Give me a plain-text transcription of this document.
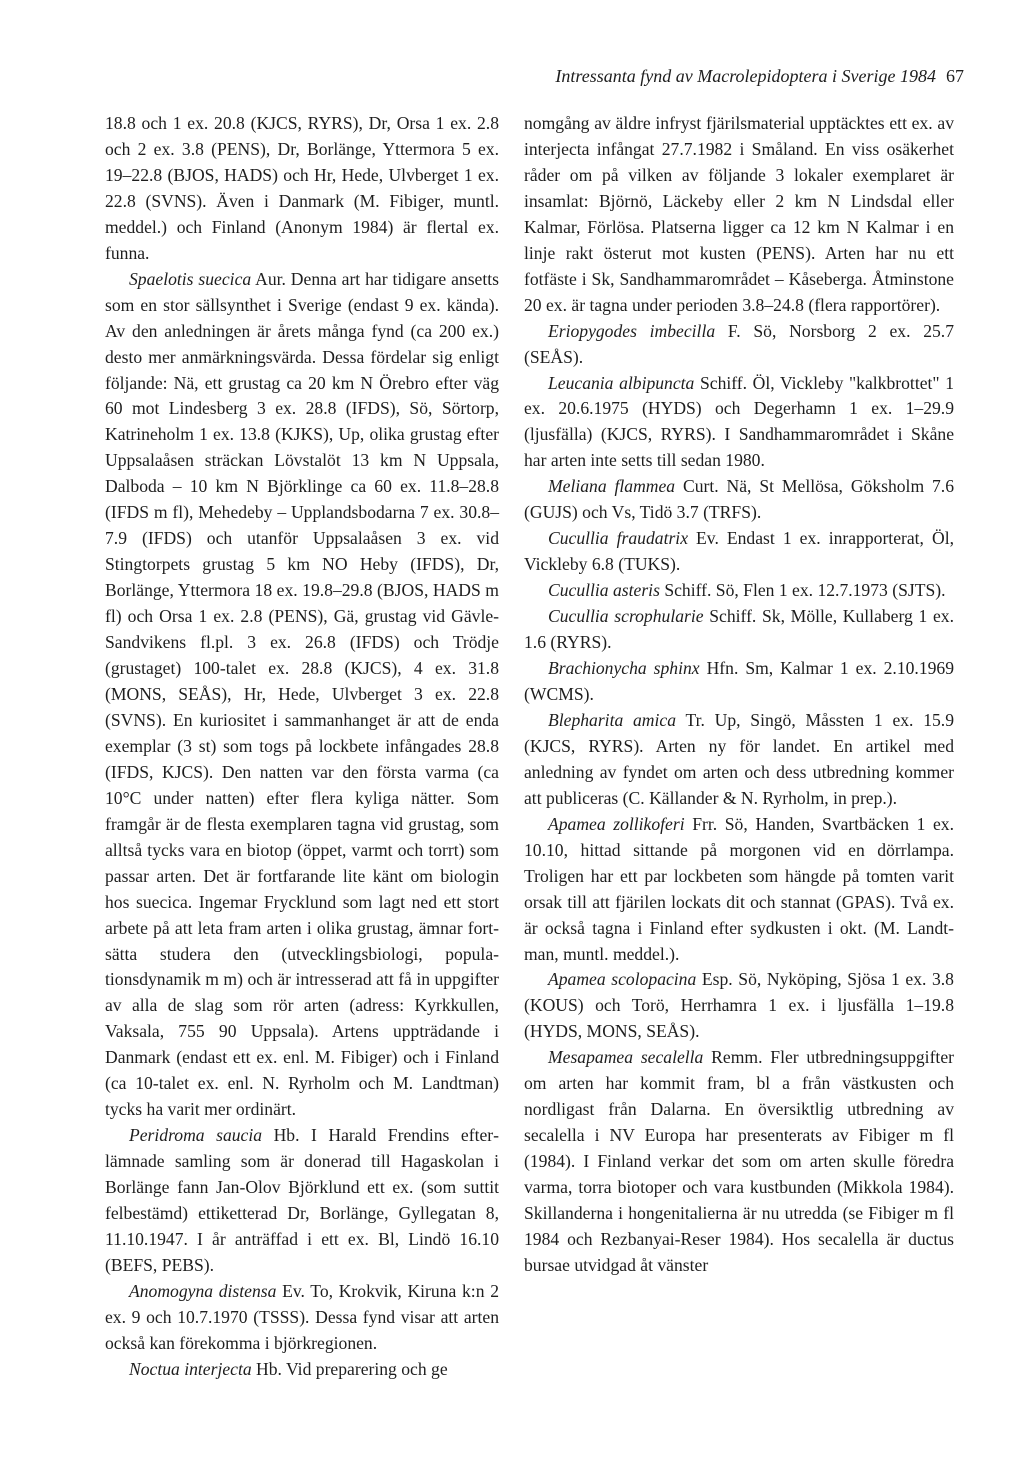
Intressanta fynd av Macrolepidoptera i Sverige 1984 67

18.8 och 1 ex. 20.8 (KJCS, RYRS), Dr, Orsa 1 ex. 2.8 och 2 ex. 3.8 (PENS), Dr, Borlänge, Yttermora 5 ex. 19–22.8 (BJOS, HADS) och Hr, Hede, Ulvberget 1 ex. 22.8 (SVNS). Även i Danmark (M. Fibiger, muntl. meddel.) och Finland (Anonym 1984) är flertal ex. funna.

Spaelotis suecica Aur. Denna art har tidigare ansetts som en stor sällsynthet i Sverige (endast 9 ex. kända). Av den anledningen är årets många fynd (ca 200 ex.) desto mer anmärkningsvärda. Dessa fördelar sig enligt följande: Nä, ett grustag ca 20 km N Örebro efter väg 60 mot Lindesberg 3 ex. 28.8 (IFDS), Sö, Sörtorp, Katrineholm 1 ex. 13.8 (KJKS), Up, olika grustag efter Uppsalaåsen sträckan Lövstalöt 13 km N Uppsala, Dalboda – 10 km N Björklinge ca 60 ex. 11.8–28.8 (IFDS m fl), Mehedeby – Upplandsbodarna 7 ex. 30.8–7.9 (IFDS) och utanför Uppsalaåsen 3 ex. vid Stingtorpets grustag 5 km NO Heby (IFDS), Dr, Borlänge, Yttermora 18 ex. 19.8–29.8 (BJOS, HADS m fl) och Orsa 1 ex. 2.8 (PENS), Gä, grustag vid Gävle-Sandvikens fl.pl. 3 ex. 26.8 (IFDS) och Trödje (grustaget) 100-talet ex. 28.8 (KJCS), 4 ex. 31.8 (MONS, SEÅS), Hr, Hede, Ulvberget 3 ex. 22.8 (SVNS). En kuriositet i sammanhanget är att de enda exemplar (3 st) som togs på lockbete infångades 28.8 (IFDS, KJCS). Den natten var den första varma (ca 10°C under natten) efter flera kyliga nätter. Som framgår är de flesta exemplaren tagna vid grustag, som alltså tycks vara en biotop (öppet, varmt och torrt) som passar arten. Det är fortfarande lite känt om biologin hos suecica. Ingemar Frycklund som lagt ned ett stort arbete på att leta fram arten i olika grustag, ämnar fortsätta studera den (utvecklingsbiologi, populationsdynamik m m) och är intresserad att få in uppgifter av alla de slag som rör arten (adress: Kyrkkullen, Vaksala, 755 90 Uppsala). Artens uppträdande i Danmark (endast ett ex. enl. M. Fibiger) och i Finland (ca 10-talet ex. enl. N. Ryrholm och M. Landtman) tycks ha varit mer ordinärt.

Peridroma saucia Hb. I Harald Frendins efterlämnade samling som är donerad till Hagaskolan i Borlänge fann Jan-Olov Björklund ett ex. (som suttit felbestämd) ettiketterad Dr, Borlänge, Gyllegatan 8, 11.10.1947. I år anträffad i ett ex. Bl, Lindö 16.10 (BEFS, PEBS).

Anomogyna distensa Ev. To, Krokvik, Kiruna k:n 2 ex. 9 och 10.7.1970 (TSSS). Dessa fynd visar att arten också kan förekomma i björkregionen.

Noctua interjecta Hb. Vid preparering och ge

nomgång av äldre infryst fjärilsmaterial upptäcktes ett ex. av interjecta infångat 27.7.1982 i Småland. En viss osäkerhet råder om på vilken av följande 3 lokaler exemplaret är insamlat: Björnö, Läckeby eller 2 km N Lindsdal eller Kalmar, Förlösa. Platserna ligger ca 12 km N Kalmar i en linje rakt österut mot kusten (PENS). Arten har nu ett fotfäste i Sk, Sandhammarområdet – Kåseberga. Åtminstone 20 ex. är tagna under perioden 3.8–24.8 (flera rapportörer).

Eriopygodes imbecilla F. Sö, Norsborg 2 ex. 25.7 (SEÅS).

Leucania albipuncta Schiff. Öl, Vickleby "kalkbrottet" 1 ex. 20.6.1975 (HYDS) och Degerhamn 1 ex. 1–29.9 (ljusfälla) (KJCS, RYRS). I Sandhammarområdet i Skåne har arten inte setts till sedan 1980.

Meliana flammea Curt. Nä, St Mellösa, Göksholm 7.6 (GUJS) och Vs, Tidö 3.7 (TRFS).

Cucullia fraudatrix Ev. Endast 1 ex. inrapporterat, Öl, Vickleby 6.8 (TUKS).

Cucullia asteris Schiff. Sö, Flen 1 ex. 12.7.1973 (SJTS).

Cucullia scrophularie Schiff. Sk, Mölle, Kullaberg 1 ex. 1.6 (RYRS).

Brachionycha sphinx Hfn. Sm, Kalmar 1 ex. 2.10.1969 (WCMS).

Blepharita amica Tr. Up, Singö, Måssten 1 ex. 15.9 (KJCS, RYRS). Arten ny för landet. En artikel med anledning av fyndet om arten och dess utbredning kommer att publiceras (C. Källander & N. Ryrholm, in prep.).

Apamea zollikoferi Frr. Sö, Handen, Svartbäcken 1 ex. 10.10, hittad sittande på morgonen vid en dörrlampa. Troligen har ett par lockbeten som hängde på tomten varit orsak till att fjärilen lockats dit och stannat (GPAS). Två ex. är också tagna i Finland efter sydkusten i okt. (M. Landtman, muntl. meddel.).

Apamea scolopacina Esp. Sö, Nyköping, Sjösa 1 ex. 3.8 (KOUS) och Torö, Herrhamra 1 ex. i ljusfälla 1–19.8 (HYDS, MONS, SEÅS).

Mesapamea secalella Remm. Fler utbredningsuppgifter om arten har kommit fram, bl a från västkusten och nordligast från Dalarna. En översiktlig utbredning av secalella i NV Europa har presenterats av Fibiger m fl (1984). I Finland verkar det som om arten skulle föredra varma, torra biotoper och vara kustbunden (Mikkola 1984). Skillanderna i hongenitalierna är nu utredda (se Fibiger m fl 1984 och Rezbanyai-Reser 1984). Hos secalella är ductus bursae utvidgad åt vänster
